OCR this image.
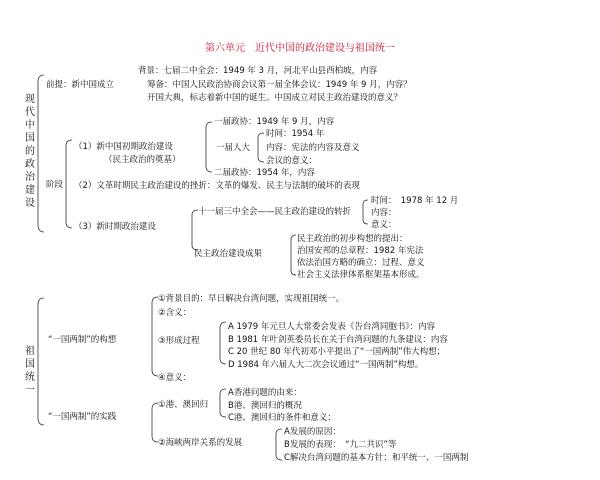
第六单元　近代中国的政治建设与祖国统一
现代中国的政治建设
背景：七届二中全会：1949 年 3 月，河北平山县西柏坡，内容
前提：新中国成立	筹备：中国人民政治协商会议第一届全体会议：1949 年 9 月，内容？
开国大典，标志着新中国的诞生。中国成立对民主政治建设的意义？
阶段
（1）新中国初期政治建设
（民主政治的奠基）
一届政协：1949 年 9 月，内容
一届人大
时间：1954 年
内容：宪法的内容及意义
会议的意义：
二届政协：1954 年，内容
（2）文革时期民主政治建设的挫折：文革的爆发、民主与法制的破坏的表现
（3）新时期政治建设
十一届三中全会——民主政治建设的转折
时间：　1978 年 12 月
内容：
意义：
民主政治建设成果
民主政治的初步构想的提出：
治国安邦的总章程：1982 年宪法
依法治国方略的确立：过程、意义
社会主义法律体系框架基本形成。
祖国统一
“一国两制”的构想
①背景目的：早日解决台湾问题，实现祖国统一。
②含义：
③形成过程
A 1979 年元旦人大常委会发表《告台湾同胞书》：内容
B 1981 年叶剑英委员长在关于台湾问题的九条建议：内容
C 20 世纪 80 年代初邓小平提出了“一国两制”伟大构想；
D 1984 年六届人大二次会议通过“一国两制”构想。
④意义：
“一国两制”的实践
①港、澳回归
A香港问题的由来：
B港、澳回归的概况
C港、澳回归的条件和意义：
②海峡两岸关系的发展
A发展的原因：
B发展的表现：　“九二共识”等
C解决台湾问题的基本方针：和平统一、一国两制
